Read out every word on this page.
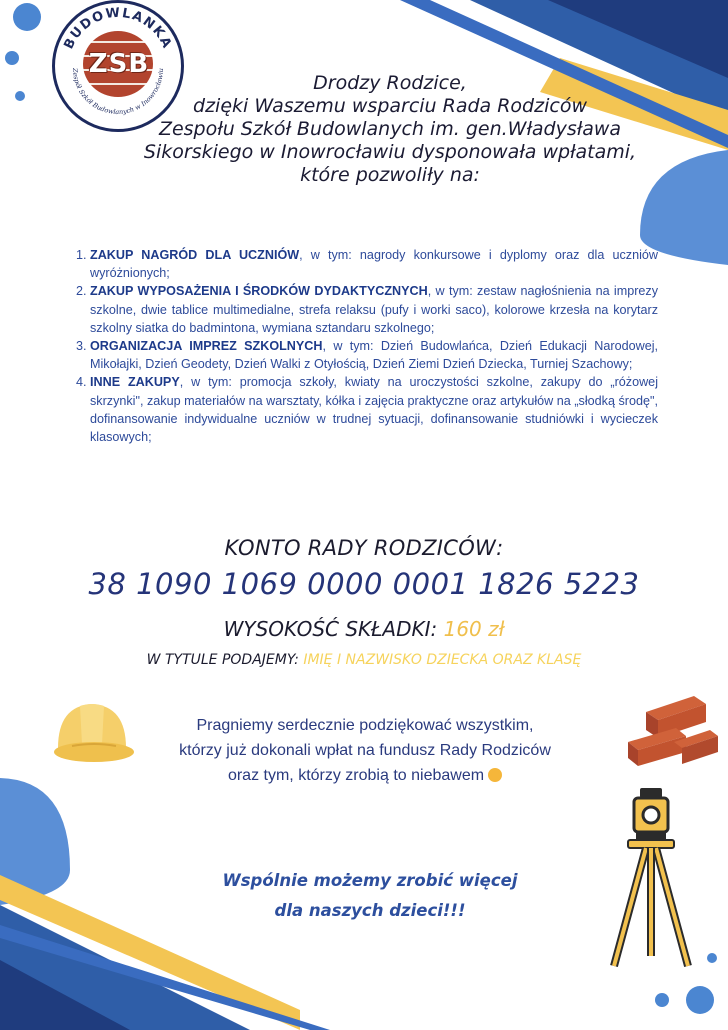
BUDOWLANKA
Zespół Szkół Budowlanych w Inowrocławiu
ZSB
Drodzy Rodzice,
dzięki Waszemu wsparciu Rada Rodziców
Zespołu Szkół Budowlanych im. gen.Władysława
Sikorskiego w Inowrocławiu dysponowała wpłatami,
które pozwoliły na:
1. ZAKUP NAGRÓD DLA UCZNIÓW, w tym: nagrody konkursowe i dyplomy oraz dla uczniów wyróżnionych;
2. ZAKUP WYPOSAŻENIA I ŚRODKÓW DYDAKTYCZNYCH, w tym: zestaw nagłośnienia na imprezy szkolne, dwie tablice multimedialne, strefa relaksu (pufy i worki saco), kolorowe krzesła na korytarz szkolny siatka do badmintona, wymiana sztandaru szkolnego;
3. ORGANIZACJA IMPREZ SZKOLNYCH, w tym: Dzień Budowlańca, Dzień Edukacji Narodowej, Mikołajki, Dzień Geodety, Dzień Walki z Otyłością, Dzień Ziemi Dzień Dziecka, Turniej Szachowy;
4. INNE ZAKUPY, w tym: promocja szkoły, kwiaty na uroczystości szkolne, zakupy do „różowej skrzynki", zakup materiałów na warsztaty, kółka i zajęcia praktyczne oraz artykułów na „słodką środę", dofinansowanie indywidualne uczniów w trudnej sytuacji, dofinansowanie studniówki i wycieczek klasowych;
KONTO RADY RODZICÓW:
38 1090 1069 0000 0001 1826 5223
WYSOKOŚĆ SKŁADKI: 160 zł
W TYTULE PODAJEMY: IMIĘ I NAZWISKO DZIECKA ORAZ KLASĘ
Pragniemy serdecznie podziękować wszystkim,
którzy już dokonali wpłat na fundusz Rady Rodziców
oraz tym, którzy zrobią to niebawem
Wspólnie możemy zrobić więcej
dla naszych dzieci!!!
